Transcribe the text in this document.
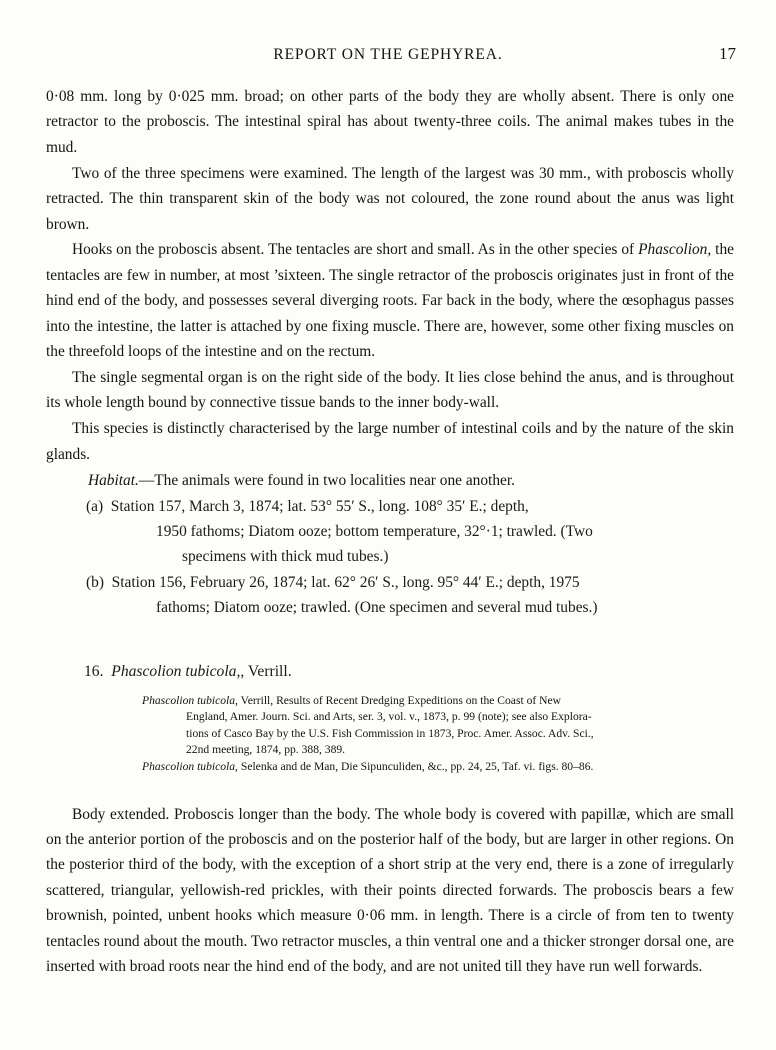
REPORT ON THE GEPHYREA.	17

0·08 mm. long by 0·025 mm. broad; on other parts of the body they are wholly absent. There is only one retractor to the proboscis. The intestinal spiral has about twenty-three coils. The animal makes tubes in the mud.

Two of the three specimens were examined. The length of the largest was 30 mm., with proboscis wholly retracted. The thin transparent skin of the body was not coloured, the zone round about the anus was light brown.

Hooks on the proboscis absent. The tentacles are short and small. As in the other species of Phascolion, the tentacles are few in number, at most ’sixteen. The single retractor of the proboscis originates just in front of the hind end of the body, and possesses several diverging roots. Far back in the body, where the œsophagus passes into the intestine, the latter is attached by one fixing muscle. There are, however, some other fixing muscles on the threefold loops of the intestine and on the rectum.

The single segmental organ is on the right side of the body. It lies close behind the anus, and is throughout its whole length bound by connective tissue bands to the inner body-wall.

This species is distinctly characterised by the large number of intestinal coils and by the nature of the skin glands.

Habitat.—The animals were found in two localities near one another.

(a) Station 157, March 3, 1874; lat. 53° 55′ S., long. 108° 35′ E.; depth,
1950 fathoms; Diatom ooze; bottom temperature, 32°·1; trawled. (Two
specimens with thick mud tubes.)

(b) Station 156, February 26, 1874; lat. 62° 26′ S., long. 95° 44′ E.; depth, 1975
fathoms; Diatom ooze; trawled. (One specimen and several mud tubes.)

16. Phascolion tubicola,, Verrill.

Phascolion tubicola, Verrill, Results of Recent Dredging Expeditions on the Coast of New
England, Amer. Journ. Sci. and Arts, ser. 3, vol. v., 1873, p. 99 (note); see also Explora-
tions of Casco Bay by the U.S. Fish Commission in 1873, Proc. Amer. Assoc. Adv. Sci.,
22nd meeting, 1874, pp. 388, 389.

Phascolion tubicola, Selenka and de Man, Die Sipunculiden, &c., pp. 24, 25, Taf. vi. figs. 80–86.

Body extended. Proboscis longer than the body. The whole body is covered with papillæ, which are small on the anterior portion of the proboscis and on the posterior half of the body, but are larger in other regions. On the posterior third of the body, with the exception of a short strip at the very end, there is a zone of irregularly scattered, triangular, yellowish-red prickles, with their points directed forwards. The proboscis bears a few brownish, pointed, unbent hooks which measure 0·06 mm. in length. There is a circle of from ten to twenty tentacles round about the mouth. Two retractor muscles, a thin ventral one and a thicker stronger dorsal one, are inserted with broad roots near the hind end of the body, and are not united till they have run well forwards.
